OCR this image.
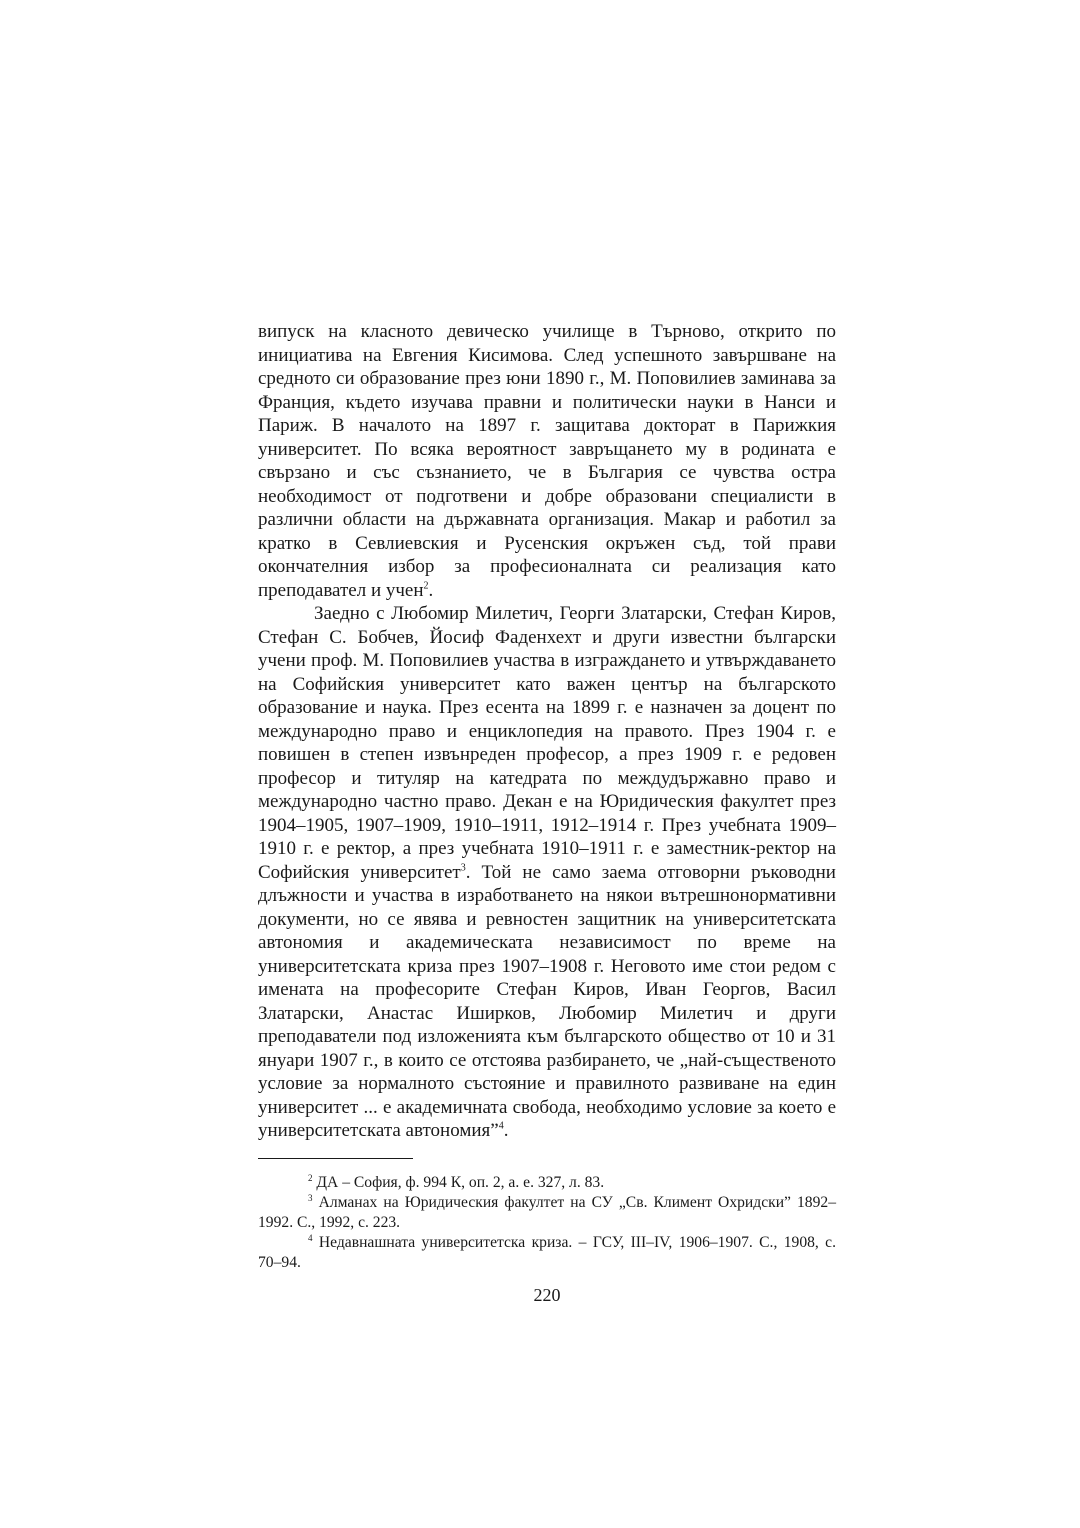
випуск на класното девическо училище в Търново, открито по инициатива на Евгения Кисимова. След успешното завършване на средното си образование през юни 1890 г., М. Поповилиев заминава за Франция, където изучава правни и политически науки в Нанси и Париж. В началото на 1897 г. защитава докторат в Парижкия университет. По всяка вероятност завръщането му в родината е свързано и със съзнанието, че в България се чувства остра необходимост от подготвени и добре образовани специалисти в различни области на държавната организация. Макар и работил за кратко в Севлиевския и Русенския окръжен съд, той прави окончателния избор за професионалната си реализация като преподавател и учен$^2$.

Заедно с Любомир Милетич, Георги Златарски, Стефан Киров, Стефан С. Бобчев, Йосиф Фаденхехт и други известни български учени проф. М. Поповилиев участва в изграждането и утвърждаването на Софийския университет като важен център на българското образование и наука. През есента на 1899 г. е назначен за доцент по международно право и енциклопедия на правото. През 1904 г. е повишен в степен извънреден професор, а през 1909 г. е редовен професор и титуляр на катедрата по междудържавно право и международно частно право. Декан е на Юридическия факултет през 1904–1905, 1907–1909, 1910–1911, 1912–1914 г. През учебната 1909–1910 г. е ректор, а през учебната 1910–1911 г. е заместник-ректор на Софийския университет$^3$. Той не само заема отговорни ръководни длъжности и участва в изработването на някои вътрешнонормативни документи, но се явява и ревностен защитник на университетската автономия и академическата независимост по време на университетската криза през 1907–1908 г. Неговото име стои редом с имената на професорите Стефан Киров, Иван Георгов, Васил Златарски, Анастас Иширков, Любомир Милетич и други преподаватели под изложенията към българското общество от 10 и 31 януари 1907 г., в които се отстоява разбирането, че „най-същественото условие за нормалното състояние и правилното развиване на един университет ... е академичната свобода, необходимо условие за което е университетската автономия”$^4$.

$^2$ ДА – София, ф. 994 К, оп. 2, а. е. 327, л. 83.

$^3$ Алманах на Юридическия факултет на СУ „Св. Климент Охридски” 1892–1992. С., 1992, с. 223.

$^4$ Недавнашната университетска криза. – ГСУ, III–IV, 1906–1907. С., 1908, с. 70–94.

220
